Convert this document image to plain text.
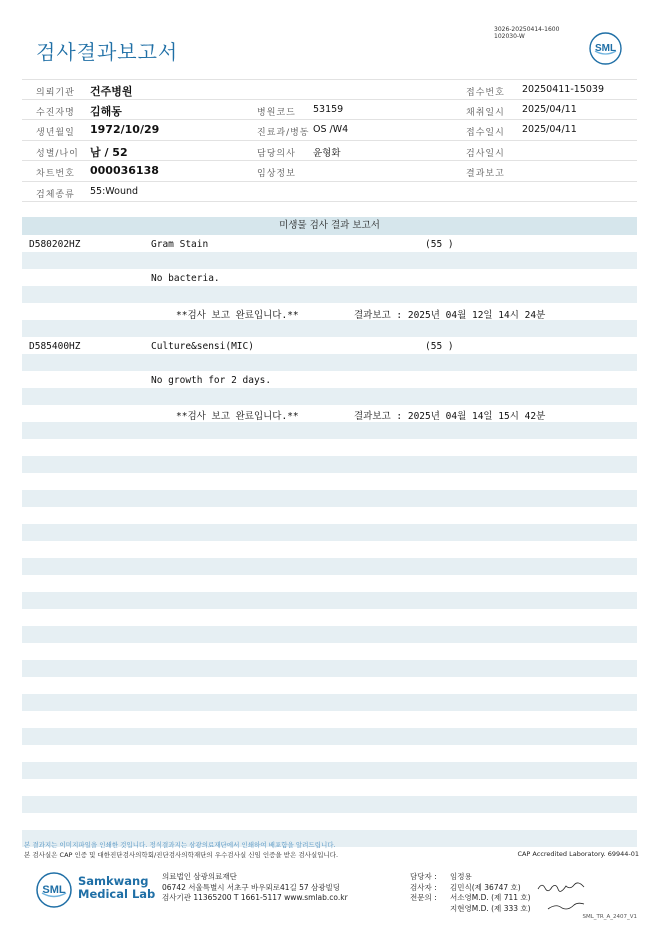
검사결과보고서
3026-20250414-1600
102030-W
SML
의뢰기관 건주병원	접수번호 20250411-15039
수진자명 김해동	병원코드 53159	채취일시 2025/04/11
생년월일 1972/10/29	진료과/병동 OS /W4	접수일시 2025/04/11
성별/나이 남 / 52	담당의사 윤형화	검사일시
차트번호 000036138	임상정보	결과보고
검체종류 55:Wound
미생물 검사 결과 보고서
D580202HZ	Gram Stain	(55 )
No bacteria.
**검사 보고 완료입니다.**	결과보고 : 2025년 04월 12일 14시 24분
D585400HZ	Culture&sensi(MIC)	(55 )
No growth for 2 days.
**검사 보고 완료입니다.**	결과보고 : 2025년 04월 14일 15시 42분
본 결과지는 이미지파일을 인쇄한 것입니다. 정식결과지는 삼광의료재단에서 인쇄하여 배포함을 알려드립니다.
본 검사실은 CAP 인증 및 대한진단검사의학회/진단검사의학재단의 우수검사실 신임 인증을 받은 검사실입니다.	CAP Accredited Laboratory. 69944-01
SML
Samkwang
Medical Lab
의료법인 삼광의료재단
06742 서울특별시 서초구 바우뫼로41길 57 삼광빌딩
검사기관 11365200 T 1661-5117 www.smlab.co.kr
담당자 : 임정용
검사자 : 김민식(제 36747 호)
전문의 : 서소영M.D. (제 711 호)
지현영M.D. (제 333 호)
SML_TR_A_2407_V1
